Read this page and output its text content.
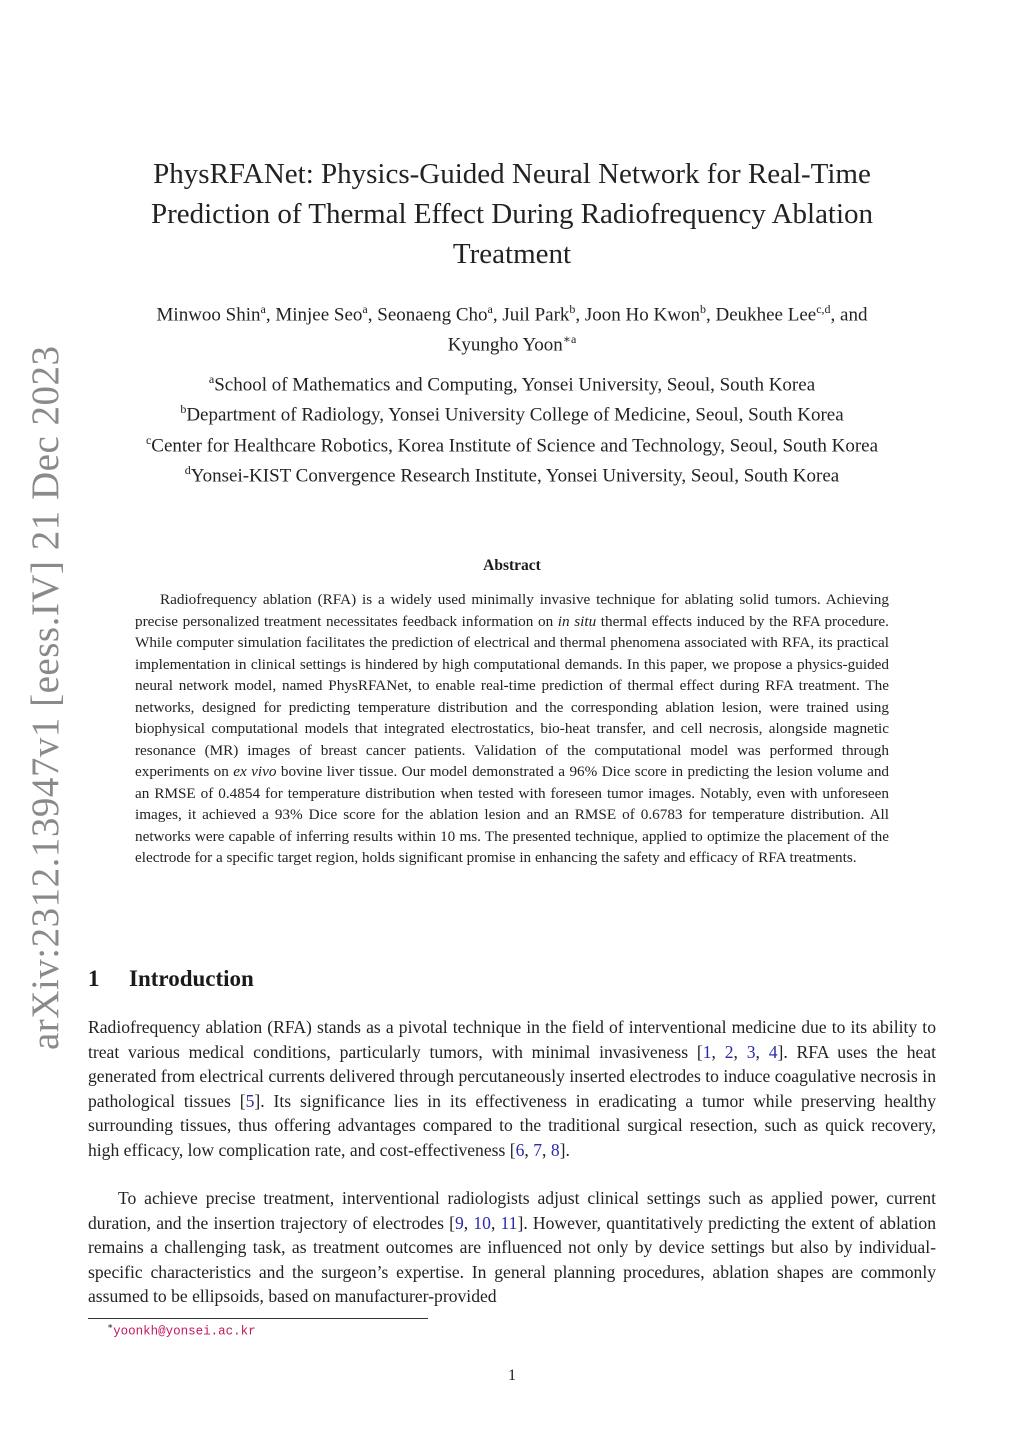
arXiv:2312.13947v1 [eess.IV] 21 Dec 2023
PhysRFANet: Physics-Guided Neural Network for Real-Time
Prediction of Thermal Effect During Radiofrequency Ablation
Treatment
Minwoo Shin$^a$, Minjee Seo$^a$, Seonaeng Cho$^a$, Juil Park$^b$, Joon Ho Kwon$^b$, Deukhee Lee$^{c,d}$, and
Kyungho Yoon$^{∗a}$
$^a$School of Mathematics and Computing, Yonsei University, Seoul, South Korea
$^b$Department of Radiology, Yonsei University College of Medicine, Seoul, South Korea
$^c$Center for Healthcare Robotics, Korea Institute of Science and Technology, Seoul, South Korea
$^d$Yonsei-KIST Convergence Research Institute, Yonsei University, Seoul, South Korea
Abstract
Radiofrequency ablation (RFA) is a widely used minimally invasive technique for ablating solid tumors. Achieving precise personalized treatment necessitates feedback information on in situ thermal effects induced by the RFA procedure. While computer simulation facilitates the prediction of electrical and thermal phenomena associated with RFA, its practical implementation in clinical settings is hindered by high computational demands. In this paper, we propose a physics-guided neural network model, named PhysRFANet, to enable real-time prediction of thermal effect during RFA treatment. The networks, designed for predicting temperature distribution and the corresponding ablation lesion, were trained using biophysical computational models that integrated electrostatics, bio-heat transfer, and cell necrosis, alongside magnetic resonance (MR) images of breast cancer patients. Validation of the computational model was performed through experiments on ex vivo bovine liver tissue. Our model demonstrated a 96% Dice score in predicting the lesion volume and an RMSE of 0.4854 for temperature distribution when tested with foreseen tumor images. Notably, even with unforeseen images, it achieved a 93% Dice score for the ablation lesion and an RMSE of 0.6783 for temperature distribution. All networks were capable of inferring results within 10 ms. The presented technique, applied to optimize the placement of the electrode for a specific target region, holds significant promise in enhancing the safety and efficacy of RFA treatments.
1 Introduction
Radiofrequency ablation (RFA) stands as a pivotal technique in the field of interventional medicine due to its ability to treat various medical conditions, particularly tumors, with minimal invasiveness [1, 2, 3, 4]. RFA uses the heat generated from electrical currents delivered through percutaneously inserted electrodes to induce coagulative necrosis in pathological tissues [5]. Its significance lies in its effectiveness in eradicating a tumor while preserving healthy surrounding tissues, thus offering advantages compared to the traditional surgical resection, such as quick recovery, high efficacy, low complication rate, and cost-effectiveness [6, 7, 8].
To achieve precise treatment, interventional radiologists adjust clinical settings such as applied power, current duration, and the insertion trajectory of electrodes [9, 10, 11]. However, quantitatively predicting the extent of ablation remains a challenging task, as treatment outcomes are influenced not only by device settings but also by individual-specific characteristics and the surgeon’s expertise. In general planning procedures, ablation shapes are commonly assumed to be ellipsoids, based on manufacturer-provided
∗yoonkh@yonsei.ac.kr
1
